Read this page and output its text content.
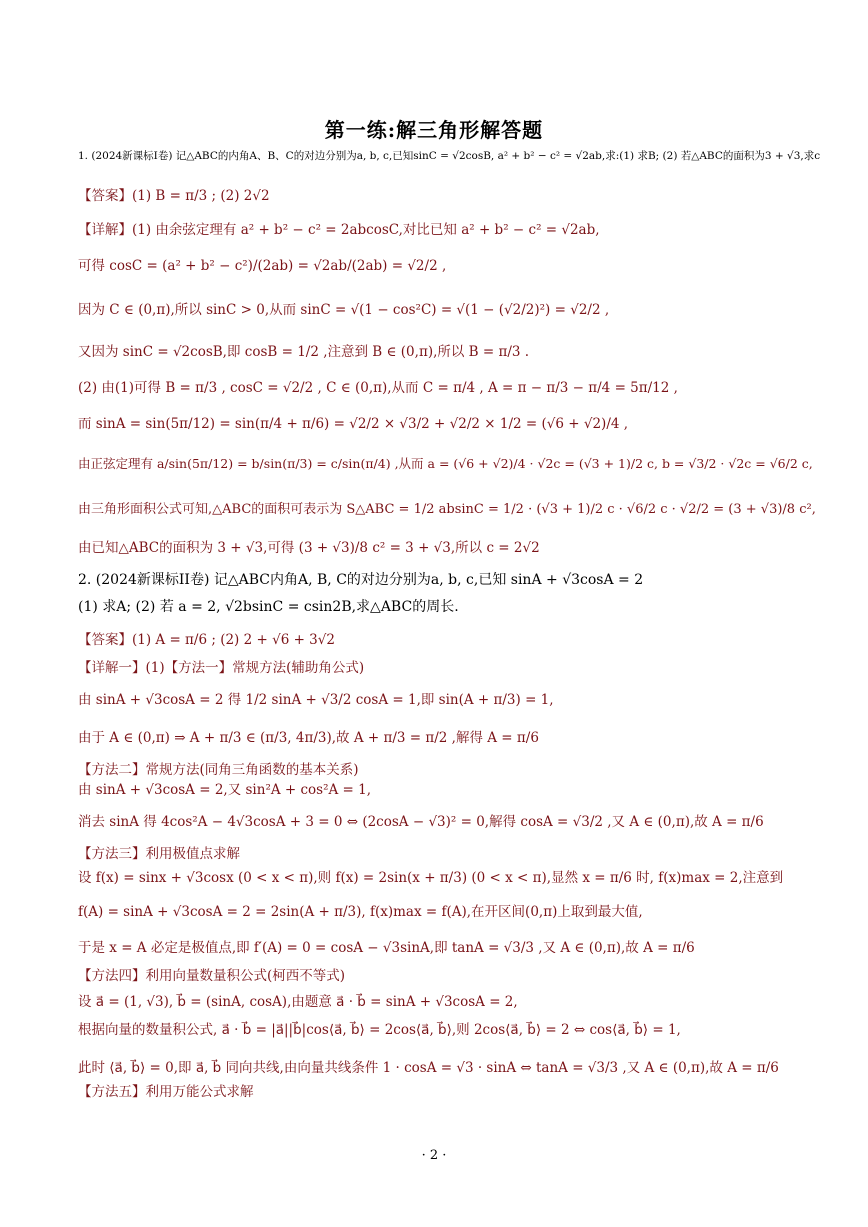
第一练:解三角形解答题
1. (2024新课标I卷) 记△ABC的内角A、B、C的对边分别为a, b, c,已知sinC = √2cosB, a² + b² − c² = √2ab,求:(1) 求B; (2) 若△ABC的面积为3 + √3,求c
【答案】(1) B = π/3 ; (2) 2√2
【详解】(1) 由余弦定理有 a² + b² − c² = 2abcosC,对比已知 a² + b² − c² = √2ab,
可得 cosC = (a² + b² − c²)/(2ab) = √2ab/(2ab) = √2/2 ,
因为 C ∈ (0,π),所以 sinC > 0,从而 sinC = √(1 − cos²C) = √(1 − (√2/2)²) = √2/2 ,
又因为 sinC = √2cosB,即 cosB = 1/2 ,注意到 B ∈ (0,π),所以 B = π/3 .
(2) 由(1)可得 B = π/3 , cosC = √2/2 , C ∈ (0,π),从而 C = π/4 , A = π − π/3 − π/4 = 5π/12 ,
而 sinA = sin(5π/12) = sin(π/4 + π/6) = √2/2 × √3/2 + √2/2 × 1/2 = (√6 + √2)/4 ,
由正弦定理有 a/sin(5π/12) = b/sin(π/3) = c/sin(π/4) ,从而 a = (√6 + √2)/4 · √2c = (√3 + 1)/2 c, b = √3/2 · √2c = √6/2 c,
由三角形面积公式可知,△ABC的面积可表示为 S△ABC = 1/2 absinC = 1/2 · (√3 + 1)/2 c · √6/2 c · √2/2 = (3 + √3)/8 c²,
由已知△ABC的面积为 3 + √3,可得 (3 + √3)/8 c² = 3 + √3,所以 c = 2√2
2. (2024新课标II卷) 记△ABC内角A, B, C的对边分别为a, b, c,已知 sinA + √3cosA = 2
(1) 求A; (2) 若 a = 2, √2bsinC = csin2B,求△ABC的周长.
【答案】(1) A = π/6 ; (2) 2 + √6 + 3√2
【详解一】(1)【方法一】常规方法(辅助角公式)
由 sinA + √3cosA = 2 得 1/2 sinA + √3/2 cosA = 1,即 sin(A + π/3) = 1,
由于 A ∈ (0,π) ⇒ A + π/3 ∈ (π/3, 4π/3),故 A + π/3 = π/2 ,解得 A = π/6
【方法二】常规方法(同角三角函数的基本关系)
由 sinA + √3cosA = 2,又 sin²A + cos²A = 1,
消去 sinA 得 4cos²A − 4√3cosA + 3 = 0 ⇔ (2cosA − √3)² = 0,解得 cosA = √3/2 ,又 A ∈ (0,π),故 A = π/6
【方法三】利用极值点求解
设 f(x) = sinx + √3cosx (0 < x < π),则 f(x) = 2sin(x + π/3) (0 < x < π),显然 x = π/6 时, f(x)max = 2,注意到
f(A) = sinA + √3cosA = 2 = 2sin(A + π/3), f(x)max = f(A),在开区间(0,π)上取到最大值,
于是 x = A 必定是极值点,即 f′(A) = 0 = cosA − √3sinA,即 tanA = √3/3 ,又 A ∈ (0,π),故 A = π/6
【方法四】利用向量数量积公式(柯西不等式)
设 a⃗ = (1, √3), b⃗ = (sinA, cosA),由题意 a⃗ · b⃗ = sinA + √3cosA = 2,
根据向量的数量积公式, a⃗ · b⃗ = |a⃗||b⃗|cos⟨a⃗, b⃗⟩ = 2cos⟨a⃗, b⃗⟩,则 2cos⟨a⃗, b⃗⟩ = 2 ⇔ cos⟨a⃗, b⃗⟩ = 1,
此时 ⟨a⃗, b⃗⟩ = 0,即 a⃗, b⃗ 同向共线,由向量共线条件 1 · cosA = √3 · sinA ⇔ tanA = √3/3 ,又 A ∈ (0,π),故 A = π/6
【方法五】利用万能公式求解
· 2 ·
